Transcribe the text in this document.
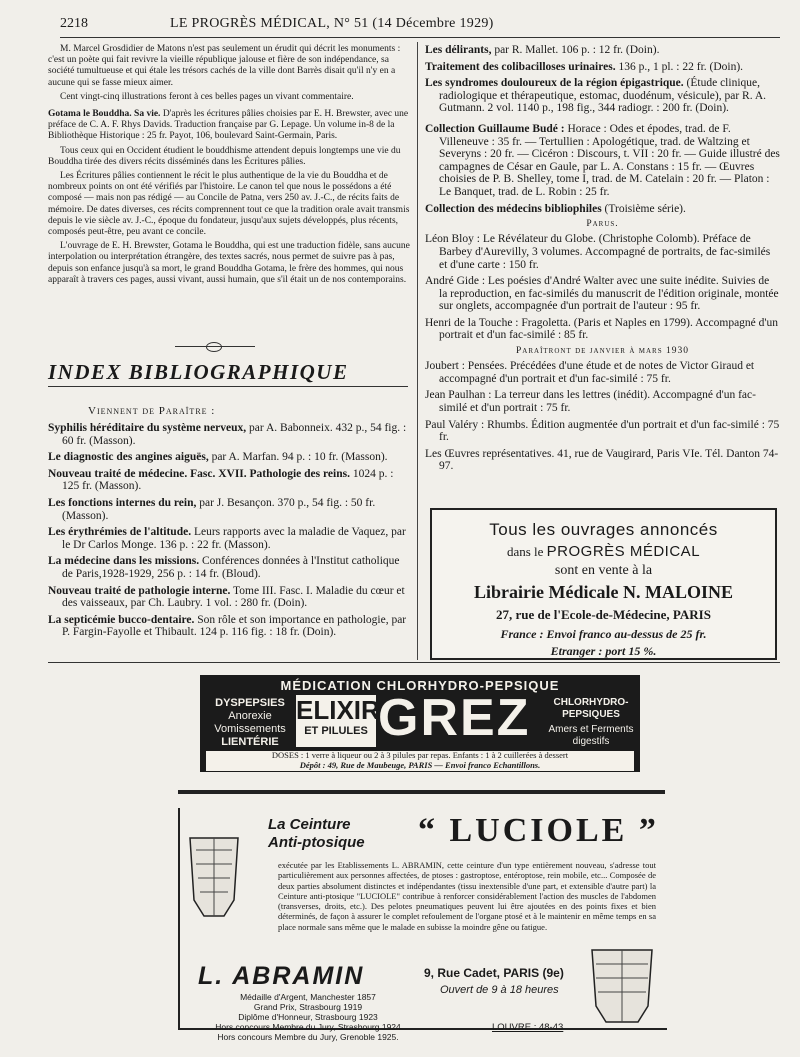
2218	LE PROGRÈS MÉDICAL, N° 51 (14 Décembre 1929)

M. Marcel Grosdidier de Matons n'est pas seulement un érudit qui décrit les monuments : c'est un poète qui fait revivre la vieille république jalouse et fière de son indépendance, sa société tumultueuse et qui étale les trésors cachés de la ville dont Barrès disait qu'il n'y en a aucune qui se fasse mieux aimer.

Cent vingt-cinq illustrations feront à ces belles pages un vivant commentaire.

Gotama le Bouddha. Sa vie. D'après les écritures pâlies choisies par E. H. Brewster, avec une préface de C. A. F. Rhys Davids. Traduction française par G. Lepage. Un volume in-8 de la Bibliothèque Historique : 25 fr. Payot, 106, boulevard Saint-Germain, Paris.

Tous ceux qui en Occident étudient le bouddhisme attendent depuis longtemps une vie du Bouddha tirée des divers récits disséminés dans les Écritures pâlies.

Les Écritures pâlies contiennent le récit le plus authentique de la vie du Bouddha et de nombreux points on ont été vérifiés par l'histoire. Le canon tel que nous le possédons a été composé — mais non pas rédigé — au Concile de Patna, vers 250 av. J.-C., de récits faits de mémoire. De dates diverses, ces récits comprennent tout ce que la tradition orale avait transmis depuis le vie siècle av. J.-C., époque du fondateur, jusqu'aux sujets développés, plus récents, composés peut-être, peu avant ce concile.

L'ouvrage de E. H. Brewster, Gotama le Bouddha, qui est une traduction fidèle, sans aucune interpolation ou interprétation étrangère, des textes sacrés, nous permet de suivre pas à pas, depuis son enfance jusqu'à sa mort, le grand Bouddha Gotama, le frère des hommes, qui nous apparaît à travers ces pages, aussi vivant, aussi humain, que s'il était un de nos contemporains.

INDEX BIBLIOGRAPHIQUE
Viennent de Paraître :
Syphilis héréditaire du système nerveux, par A. Babonneix. 432 p., 54 fig. : 60 fr. (Masson).
Le diagnostic des angines aiguës, par A. Marfan. 94 p. : 10 fr. (Masson).
Nouveau traité de médecine. Fasc. XVII. Pathologie des reins. 1024 p. : 125 fr. (Masson).
Les fonctions internes du rein, par J. Besançon. 370 p., 54 fig. : 50 fr. (Masson).
Les érythrémies de l'altitude. Leurs rapports avec la maladie de Vaquez, par le Dr Carlos Monge. 136 p. : 22 fr. (Masson).
La médecine dans les missions. Conférences données à l'Institut catholique de Paris,1928-1929, 256 p. : 14 fr. (Bloud).
Nouveau traité de pathologie interne. Tome III. Fasc. I. Maladie du cœur et des vaisseaux, par Ch. Laubry. 1 vol. : 280 fr. (Doin).
La septicémie bucco-dentaire. Son rôle et son importance en pathologie, par P. Fargin-Fayolle et Thibault. 124 p. 116 fig. : 18 fr. (Doin).
Les délirants, par R. Mallet. 106 p. : 12 fr. (Doin).
Traitement des colibacilloses urinaires. 136 p., 1 pl. : 22 fr. (Doin).
Les syndromes douloureux de la région épigastrique. (Étude clinique, radiologique et thérapeutique, estomac, duodénum, vésicule), par R. A. Gutmann. 2 vol. 1140 p., 198 fig., 344 radiogr. : 200 fr. (Doin).
Collection Guillaume Budé : Horace : Odes et épodes, trad. de F. Villeneuve : 35 fr. — Tertullien : Apologétique, trad. de Waltzing et Severyns : 20 fr. — Cicéron : Discours, t. VII : 20 fr. — Guide illustré des campagnes de César en Gaule, par L. A. Constans : 15 fr. — Œuvres choisies de P. B. Shelley, tome I, trad. de M. Catelain : 20 fr. — Platon : Le Banquet, trad. de L. Robin : 25 fr.
Collection des médecins bibliophiles (Troisième série).
Parus.
Léon Bloy : Le Révélateur du Globe. (Christophe Colomb). Préface de Barbey d'Aurevilly, 3 volumes. Accompagné de portraits, de fac-similés et d'une carte : 150 fr.
André Gide : Les poésies d'André Walter avec une suite inédite. Suivies de la reproduction, en fac-similés du manuscrit de l'édition originale, montée sur onglets, accompagnée d'un portrait de l'auteur : 95 fr.
Henri de la Touche : Fragoletta. (Paris et Naples en 1799). Accompagné d'un portrait et d'un fac-similé : 85 fr.
Paraîtront de janvier à mars 1930
Joubert : Pensées. Précédées d'une étude et de notes de Victor Giraud et accompagné d'un portrait et d'un fac-similé : 75 fr.
Jean Paulhan : La terreur dans les lettres (inédit). Accompagné d'un fac-similé et d'un portrait : 75 fr.
Paul Valéry : Rhumbs. Édition augmentée d'un portrait et d'un fac-similé : 75 fr.
Les Œuvres représentatives. 41, rue de Vaugirard, Paris VIe. Tél. Danton 74-97.
Tous les ouvrages annoncés
dans le PROGRÈS MÉDICAL
sont en vente à la
Librairie Médicale N. MALOINE
27, rue de l'Ecole-de-Médecine, PARIS
France : Envoi franco au-dessus de 25 fr.
Etranger : port 15 %.
MÉDICATION CHLORHYDRO-PEPSIQUE
DYSPEPSIES
Anorexie
Vomissements
LIENTÉRIE
ELIXIR
ET PILULES GREZ	CHLORHYDRO-PEPSIQUES
Amers et Ferments digestifs
DOSES : 1 verre à liqueur ou 2 à 3 pilules par repas. Enfants : 1 à 2 cuillerées à dessert
Dépôt : 49, Rue de Maubeuge, PARIS — Envoi franco Echantillons.
La Ceinture
Anti-ptosique “ LUCIOLE ”
exécutée par les Etablissements L. ABRAMIN, cette ceinture d'un type entièrement nouveau, s'adresse tout particulièrement aux personnes affectées, de ptoses : gastroptose, entéroptose, rein mobile, etc... Composée de deux parties absolument distinctes et indépendantes (tissu inextensible d'une part, et extensible d'autre part) la Ceinture anti-ptosique "LUCIOLE" contribue à renforcer considérablement l'action des muscles de l'abdomen (transverses, droits, etc.). Des pelotes pneumatiques peuvent lui être ajoutées en des points fixes et bien déterminés, de façon à assurer le complet refoulement de l'organe ptosé et à le maintenir en même temps en sa place normale sans même que le malade en subisse la moindre gêne ou fatigue.
L. ABRAMIN
Médaille d'Argent, Manchester 1857
Grand Prix, Strasbourg 1919
Diplôme d'Honneur, Strasbourg 1923
Hors concours Membre du Jury, Strasbourg 1924
Hors concours Membre du Jury, Grenoble 1925.
9, Rue Cadet, PARIS (9e)
Ouvert de 9 à 18 heures
LOUVRE : 48-43
